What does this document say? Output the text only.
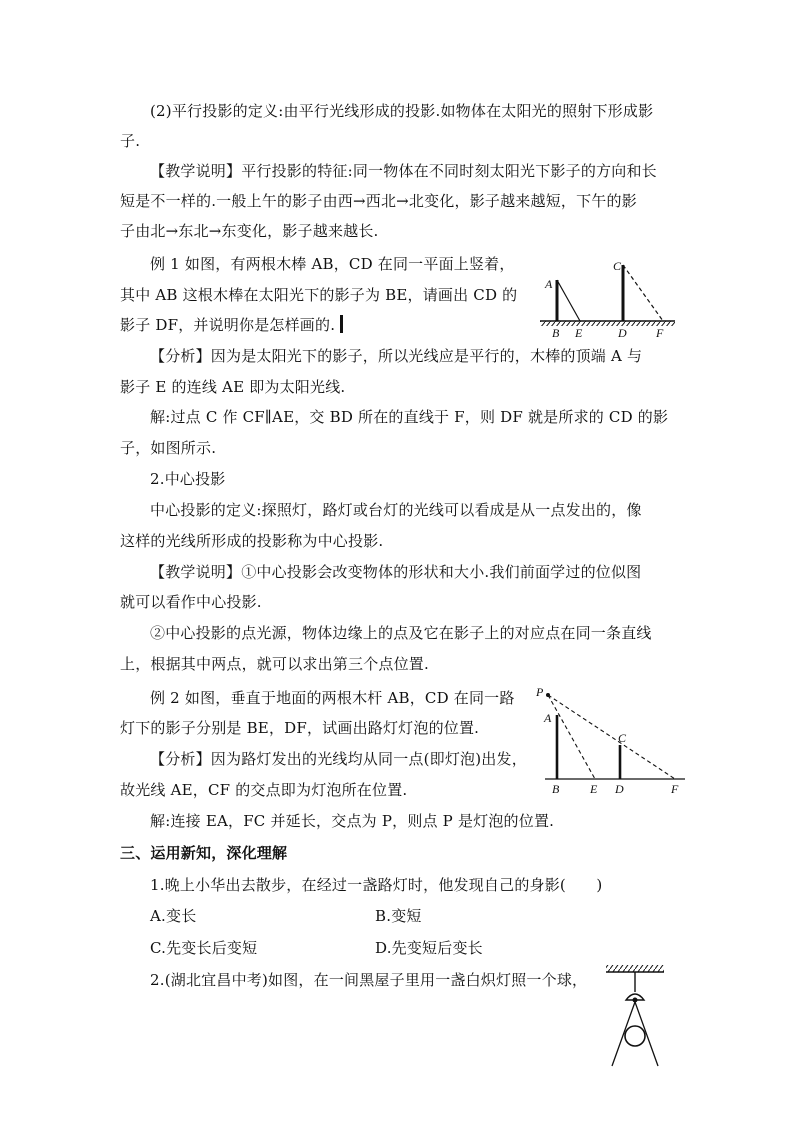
(2)平行投影的定义:由平行光线形成的投影.如物体在太阳光的照射下形成影
子.
【教学说明】平行投影的特征:同一物体在不同时刻太阳光下影子的方向和长
短是不一样的.一般上午的影子由西→西北→北变化，影子越来越短，下午的影
子由北→东北→东变化，影子越来越长.
例 1 如图，有两根木棒 AB，CD 在同一平面上竖着，
其中 AB 这根木棒在太阳光下的影子为 BE，请画出 CD 的
影子 DF，并说明你是怎样画的.
【分析】因为是太阳光下的影子，所以光线应是平行的，木棒的顶端 A 与
影子 E 的连线 AE 即为太阳光线.
解:过点 C 作 CF∥AE，交 BD 所在的直线于 F，则 DF 就是所求的 CD 的影
子，如图所示.
2.中心投影
中心投影的定义:探照灯，路灯或台灯的光线可以看成是从一点发出的，像
这样的光线所形成的投影称为中心投影.
【教学说明】①中心投影会改变物体的形状和大小.我们前面学过的位似图
就可以看作中心投影.
②中心投影的点光源，物体边缘上的点及它在影子上的对应点在同一条直线
上，根据其中两点，就可以求出第三个点位置.
例 2 如图，垂直于地面的两根木杆 AB，CD 在同一路
灯下的影子分别是 BE，DF，试画出路灯灯泡的位置.
【分析】因为路灯发出的光线均从同一点(即灯泡)出发，
故光线 AE，CF 的交点即为灯泡所在位置.
解:连接 EA，FC 并延长，交点为 P，则点 P 是灯泡的位置.
三、运用新知，深化理解
1.晚上小华出去散步，在经过一盏路灯时，他发现自己的身影(　　)
A.变长	B.变短
C.先变长后变短	D.先变短后变长
2.(湖北宜昌中考)如图，在一间黑屋子里用一盏白炽灯照一个球，
A
B E
C
D F
P
A
B	E
C
D	F
